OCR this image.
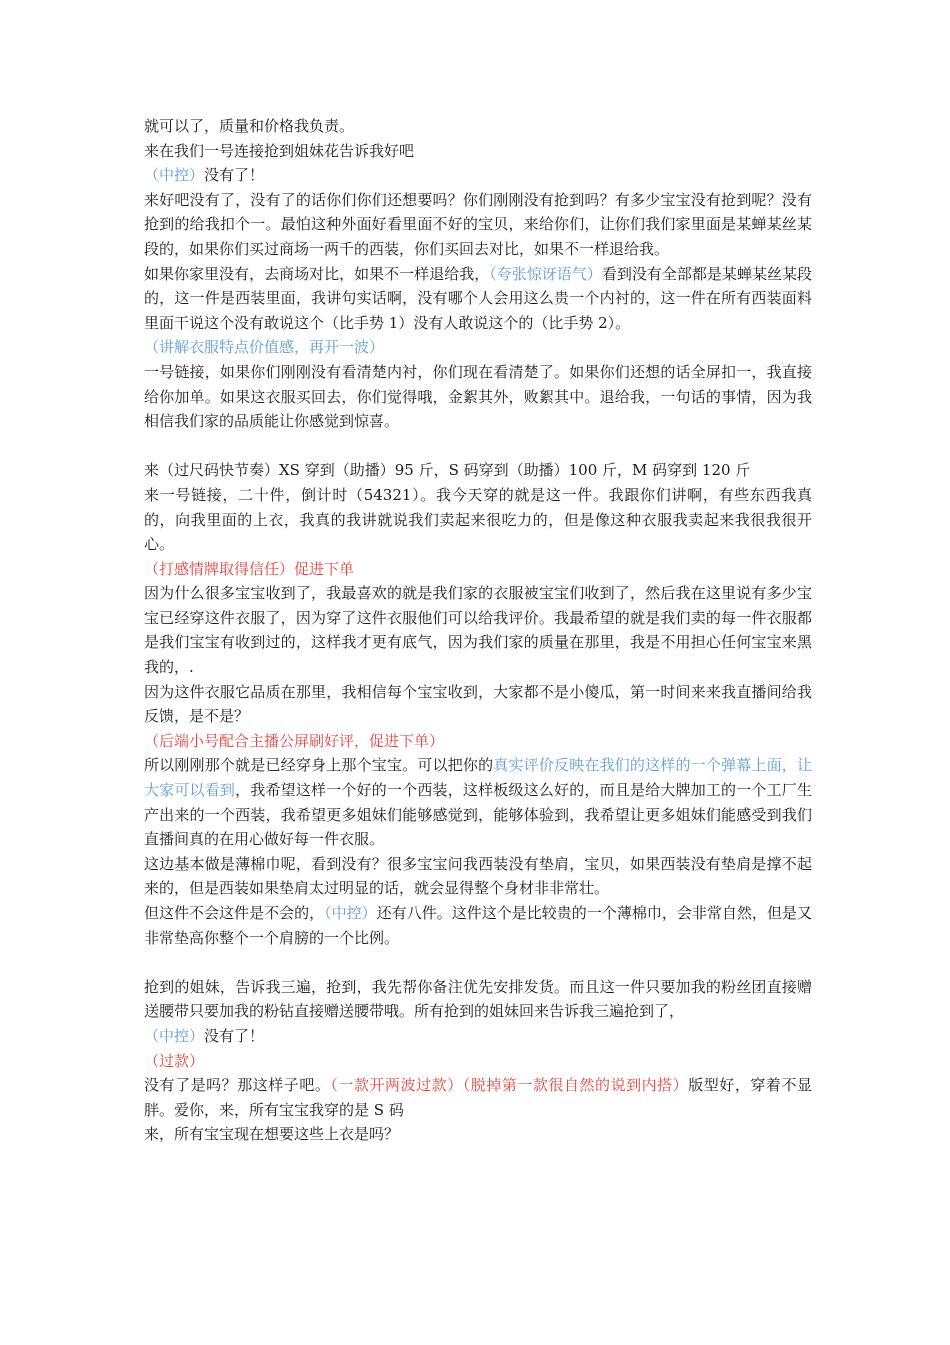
就可以了，质量和价格我负责。

来在我们一号连接抢到姐妹花告诉我好吧

（中控）没有了！

来好吧没有了，没有了的话你们你们还想要吗？你们刚刚没有抢到吗？有多少宝宝没有抢到呢？没有抢到的给我扣个一。最怕这种外面好看里面不好的宝贝，来给你们，让你们我们家里面是某蝉某丝某段的，如果你们买过商场一两千的西装，你们买回去对比，如果不一样退给我。

如果你家里没有，去商场对比，如果不一样退给我，（夸张惊讶语气）看到没有全部都是某蝉某丝某段的，这一件是西装里面，我讲句实话啊，没有哪个人会用这么贵一个内衬的，这一件在所有西装面料里面干说这个没有敢说这个（比手势 1）没有人敢说这个的（比手势 2）。

（讲解衣服特点价值感，再开一波）

一号链接，如果你们刚刚没有看清楚内衬，你们现在看清楚了。如果你们还想的话全屏扣一，我直接给你加单。如果这衣服买回去，你们觉得哦，金絮其外，败絮其中。退给我，一句话的事情，因为我相信我们家的品质能让你感觉到惊喜。

来（过尺码快节奏）XS 穿到（助播）95 斤，S 码穿到（助播）100 斤，M 码穿到 120 斤

来一号链接，二十件，倒计时（54321）。我今天穿的就是这一件。我跟你们讲啊，有些东西我真的，向我里面的上衣，我真的我讲就说我们卖起来很吃力的，但是像这种衣服我卖起来我很我很开心。

（打感情牌取得信任）促进下单

因为什么很多宝宝收到了，我最喜欢的就是我们家的衣服被宝宝们收到了，然后我在这里说有多少宝宝已经穿这件衣服了，因为穿了这件衣服他们可以给我评价。我最希望的就是我们卖的每一件衣服都是我们宝宝有收到过的，这样我才更有底气，因为我们家的质量在那里，我是不用担心任何宝宝来黑我的，.

因为这件衣服它品质在那里，我相信每个宝宝收到，大家都不是小傻瓜，第一时间来来我直播间给我反馈，是不是？

（后端小号配合主播公屏刷好评，促进下单）

所以刚刚那个就是已经穿身上那个宝宝。可以把你的真实评价反映在我们的这样的一个弹幕上面，让大家可以看到，我希望这样一个好的一个西装，这样板级这么好的，而且是给大牌加工的一个工厂生产出来的一个西装，我希望更多姐妹们能够感觉到，能够体验到，我希望让更多姐妹们能感受到我们直播间真的在用心做好每一件衣服。

这边基本做是薄棉巾呢，看到没有？很多宝宝问我西装没有垫肩，宝贝，如果西装没有垫肩是撑不起来的，但是西装如果垫肩太过明显的话，就会显得整个身材非非常壮。

但这件不会这件是不会的，（中控）还有八件。这件这个是比较贵的一个薄棉巾，会非常自然，但是又非常垫高你整个一个肩膀的一个比例。

抢到的姐妹，告诉我三遍，抢到，我先帮你备注优先安排发货。而且这一件只要加我的粉丝团直接赠送腰带只要加我的粉钻直接赠送腰带哦。所有抢到的姐妹回来告诉我三遍抢到了，

（中控）没有了！

（过款）

没有了是吗？那这样子吧。（一款开两波过款）（脱掉第一款很自然的说到内搭）版型好，穿着不显胖。爱你，来，所有宝宝我穿的是 S 码

来，所有宝宝现在想要这些上衣是吗？
